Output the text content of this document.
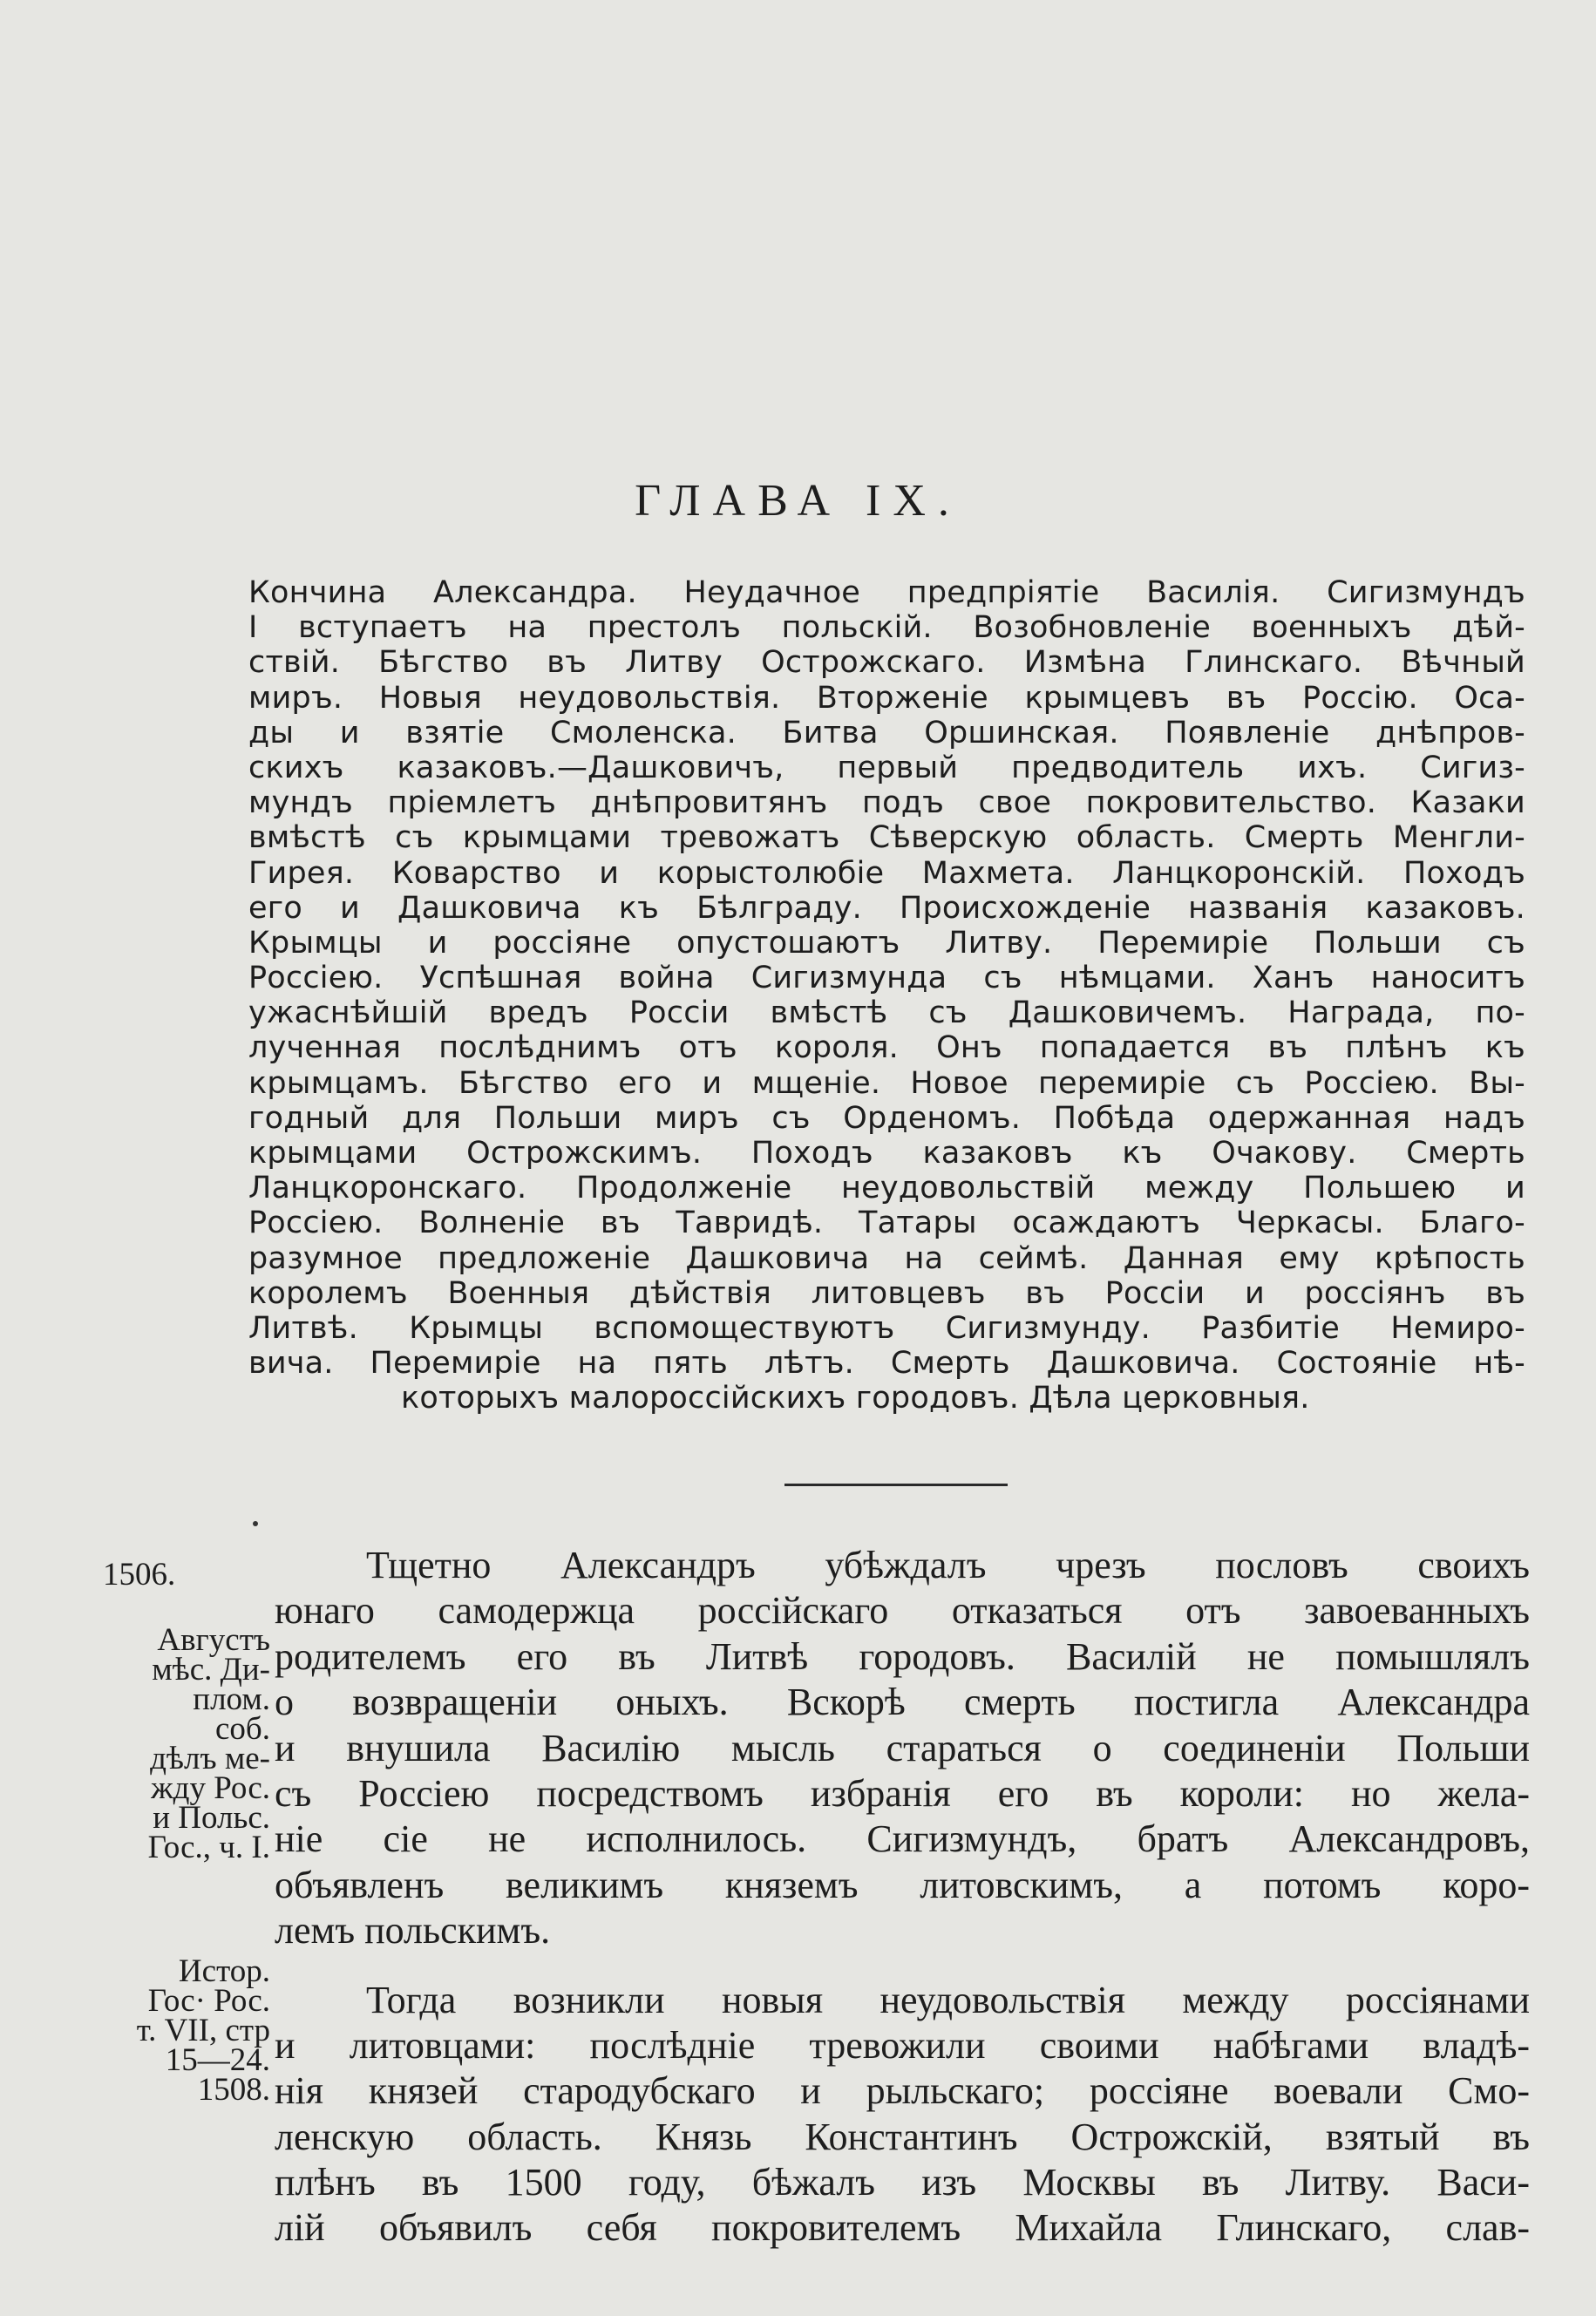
ГЛАВА IX.
Кончина Александра. Неудачное предпріятіе Василія. Сигизмундъ
I вступаетъ на престолъ польскій. Возобновленіе военныхъ дѣй-
ствій. Бѣгство въ Литву Острожскаго. Измѣна Глинскаго. Вѣчный
миръ. Новыя неудовольствія. Вторженіе крымцевъ въ Россію. Оса-
ды и взятіе Смоленска. Битва Оршинская. Появленіе днѣпров-
скихъ казаковъ.—Дашковичъ, первый предводитель ихъ. Сигиз-
мундъ пріемлетъ днѣпровитянъ подъ свое покровительство. Казаки
вмѣстѣ съ крымцами тревожатъ Сѣверскую область. Смерть Менгли-
Гирея. Коварство и корыстолюбіе Махмета. Ланцкоронскій. Походъ
его и Дашковича къ Бѣлграду. Происхожденіе названія казаковъ.
Крымцы и россіяне опустошаютъ Литву. Перемиріе Польши съ
Россіею. Успѣшная война Сигизмунда съ нѣмцами. Ханъ наноситъ
ужаснѣйшій вредъ Россіи вмѣстѣ съ Дашковичемъ. Награда, по-
лученная послѣднимъ отъ короля. Онъ попадается въ плѣнъ къ
крымцамъ. Бѣгство его и мщеніе. Новое перемиріе съ Россіею. Вы-
годный для Польши миръ съ Орденомъ. Побѣда одержанная надъ
крымцами Острожскимъ. Походъ казаковъ къ Очакову. Смерть
Ланцкоронскаго. Продолженіе неудовольствій между Польшею и
Россіею. Волненіе въ Тавридѣ. Татары осаждаютъ Черкасы. Благо-
разумное предложеніе Дашковича на сеймѣ. Данная ему крѣпость
королемъ Военныя дѣйствія литовцевъ въ Россіи и россіянъ въ
Литвѣ. Крымцы вспомоществуютъ Сигизмунду. Разбитіе Немиро-
вича. Перемиріе на пять лѣтъ. Смерть Дашковича. Состояніе нѣ-
которыхъ малороссійскихъ городовъ. Дѣла церковныя.
1506.
Августъ
мѣс. Ди-
плом.
соб.
дѣлъ ме-
жду Рос.
и Польс.
Гос., ч. I.
Истор.
Гос· Рос.
т. VII, стр
15—24.
1508.
Тщетно Александръ убѣждалъ чрезъ пословъ своихъ
юнаго самодержца россійскаго отказаться отъ завоеванныхъ
родителемъ его въ Литвѣ городовъ. Василій не помышлялъ
о возвращеніи оныхъ. Вскорѣ смерть постигла Александра
и внушила Василію мысль стараться о соединеніи Польши
съ Россіею посредствомъ избранія его въ короли: но жела-
ніе сіе не исполнилось. Сигизмундъ, братъ Александровъ,
объявленъ великимъ княземъ литовскимъ, а потомъ коро-
лемъ польскимъ.
Тогда возникли новыя неудовольствія между россіянами
и литовцами: послѣдніе тревожили своими набѣгами владѣ-
нія князей стародубскаго и рыльскаго; россіяне воевали Смо-
ленскую область. Князь Константинъ Острожскій, взятый въ
плѣнъ въ 1500 году, бѣжалъ изъ Москвы въ Литву. Васи-
лій объявилъ себя покровителемъ Михайла Глинскаго, слав-
